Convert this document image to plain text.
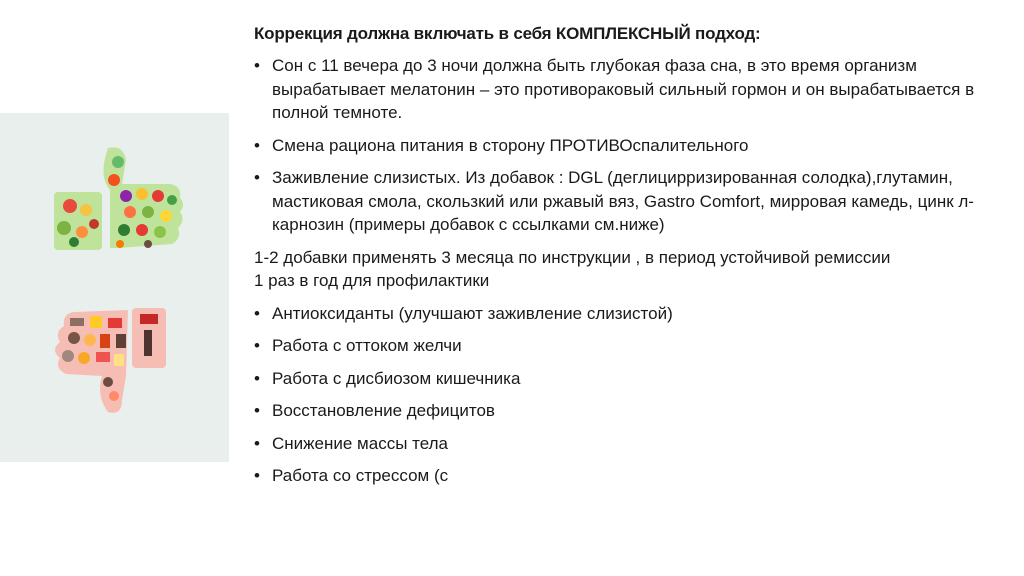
Коррекция должна включать в себя КОМПЛЕКСНЫЙ подход:
• Сон с 11 вечера до 3 ночи должна быть глубокая фаза сна, в это время организм вырабатывает мелатонин – это противораковый сильный гормон и он вырабатывается в полной темноте.
• Смена рациона питания в сторону ПРОТИВОспалительного
• Заживление слизистых. Из добавок : DGL (деглицирризированная солодка),глутамин, мастиковая смола, скользкий или ржавый вяз, Gastro Comfort, мирровая камедь, цинк л-карнозин (примеры добавок с ссылками см.ниже)
1-2 добавки применять 3 месяца по инструкции , в период устойчивой ремиссии
1 раз в год для профилактики
• Антиоксиданты (улучшают заживление слизистой)
• Работа с оттоком желчи
• Работа с дисбиозом кишечника
• Восстановление дефицитов
• Снижение массы тела
• Работа со стрессом (с
